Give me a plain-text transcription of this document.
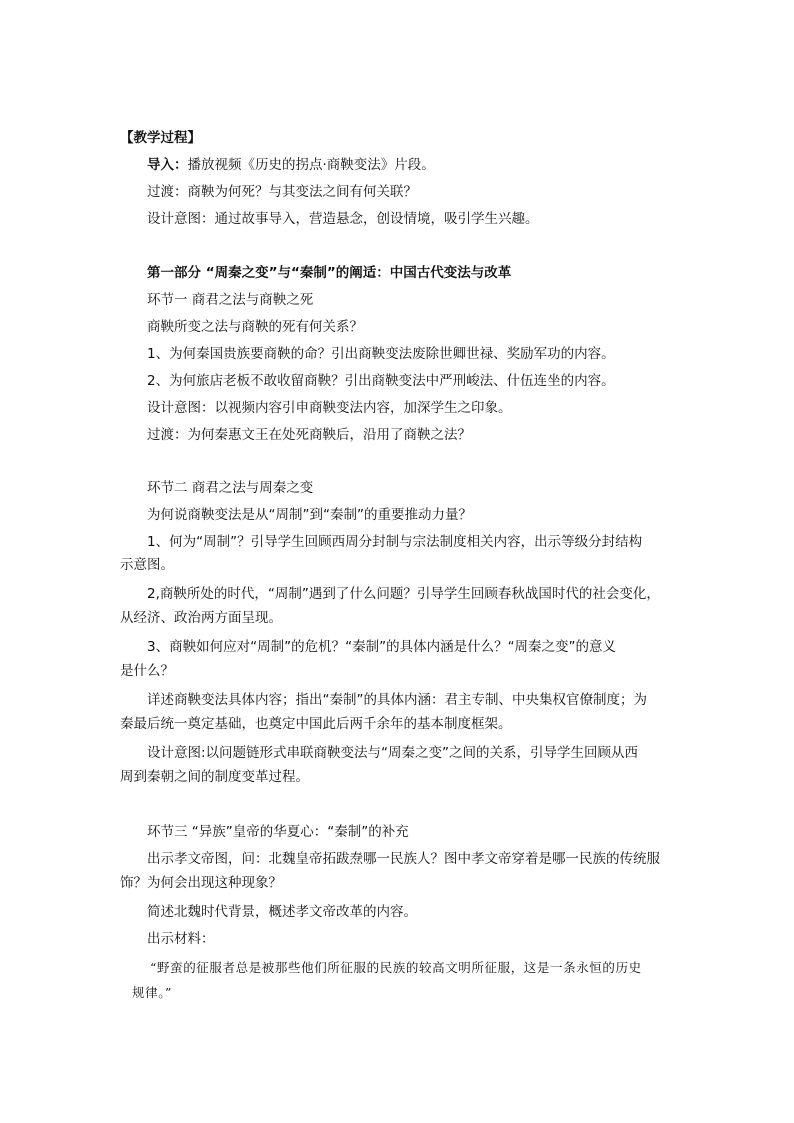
【教学过程】
导入：播放视频《历史的拐点·商鞅变法》片段。
过渡：商鞅为何死？与其变法之间有何关联？
设计意图：通过故事导入，营造悬念，创设情境，吸引学生兴趣。
第一部分 “周秦之变”与“秦制”的阐适：中国古代变法与改革
环节一 商君之法与商鞅之死
商鞅所变之法与商鞅的死有何关系？
1、为何秦国贵族要商鞅的命？引出商鞅变法废除世卿世禄、奖励军功的内容。
2、为何旅店老板不敢收留商鞅？引出商鞅变法中严刑峻法、什伍连坐的内容。
设计意图：以视频内容引申商鞅变法内容，加深学生之印象。
过渡：为何秦惠文王在处死商鞅后，沿用了商鞅之法？
环节二 商君之法与周秦之变
为何说商鞅变法是从“周制”到“秦制”的重要推动力量？
1、何为“周制”？引导学生回顾西周分封制与宗法制度相关内容，出示等级分封结构
示意图。
2,商鞅所处的时代，“周制”遇到了什么问题？引导学生回顾春秋战国时代的社会变化，
从经济、政治两方面呈现。
3、商鞅如何应对“周制”的危机？“秦制”的具体内涵是什么？“周秦之变”的意义
是什么？
详述商鞅变法具体内容；指出“秦制”的具体内涵：君主专制、中央集权官僚制度；为
秦最后统一奠定基础，也奠定中国此后两千余年的基本制度框架。
设计意图:以问题链形式串联商鞅变法与“周秦之变”之间的关系，引导学生回顾从西
周到秦朝之间的制度变革过程。
环节三 “异族”皇帝的华夏心：“秦制”的补充
出示孝文帝图，问：北魏皇帝拓跋焘哪一民族人？图中孝文帝穿着是哪一民族的传统服
饰？为何会出现这种现象？
简述北魏时代背景，概述孝文帝改革的内容。
出示材料：
“野蛮的征服者总是被那些他们所征服的民族的较高文明所征服，这是一条永恒的历史
规律。”
